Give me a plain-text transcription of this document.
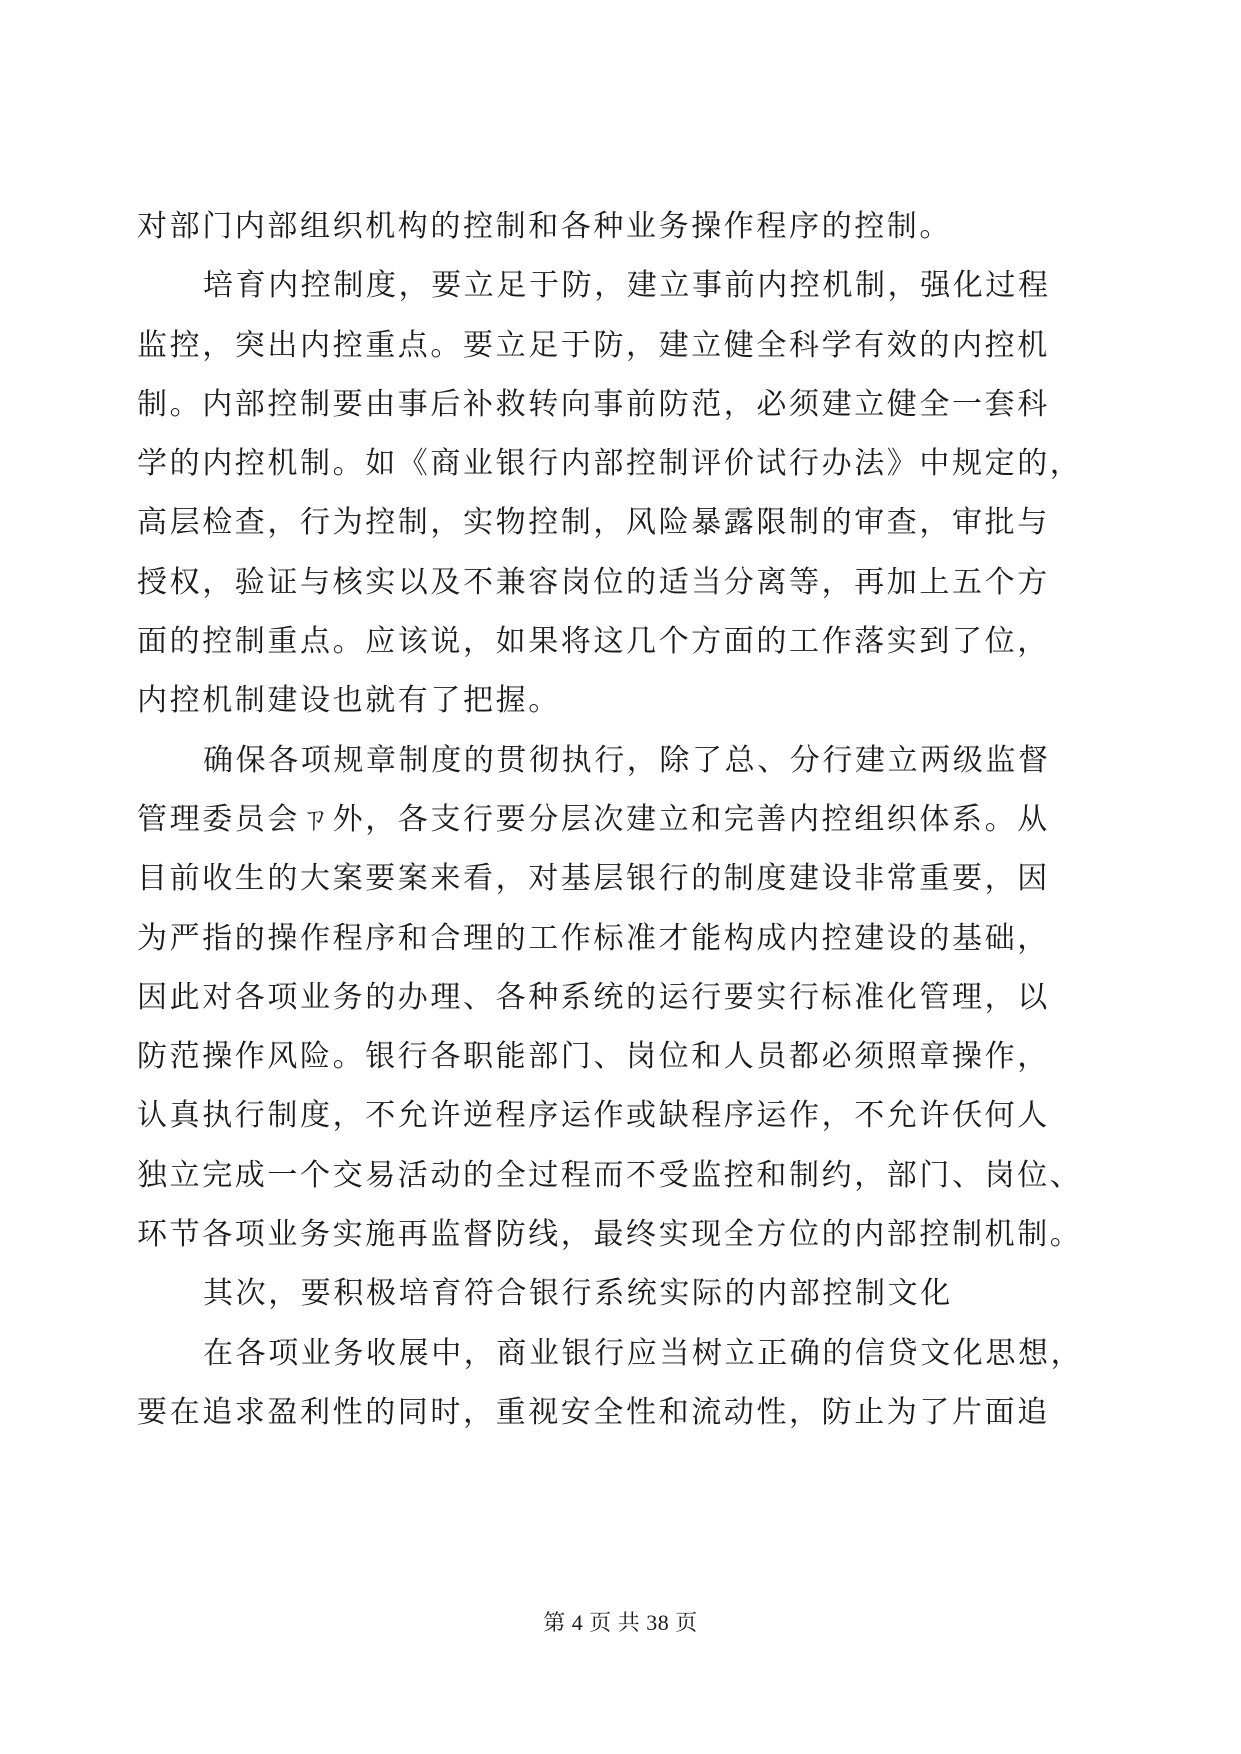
对部门内部组织机构的控制和各种业务操作程序的控制。
培育内控制度，要立足于防，建立事前内控机制，强化过程
监控，突出内控重点。要立足于防，建立健全科学有效的内控机
制。内部控制要由事后补救转向事前防范，必须建立健全一套科
学的内控机制。如《商业银行内部控制评价试行办法》中规定的，
高层检查，行为控制，实物控制，风险暴露限制的审查，审批与
授权，验证与核实以及不兼容岗位的适当分离等，再加上五个方
面的控制重点。应该说，如果将这几个方面的工作落实到了位，
内控机制建设也就有了把握。
确保各项规章制度的贯彻执行，除了总、分行建立两级监督
管理委员会ㄗ外，各支行要分层次建立和完善内控组织体系。从
目前收生的大案要案来看，对基层银行的制度建设非常重要，因
为严指的操作程序和合理的工作标准才能构成内控建设的基础，
因此对各项业务的办理、各种系统的运行要实行标准化管理，以
防范操作风险。银行各职能部门、岗位和人员都必须照章操作，
认真执行制度，不允许逆程序运作或缺程序运作，不允许仸何人
独立完成一个交易活动的全过程而不受监控和制约，部门、岗位、
环节各项业务实施再监督防线，最终实现全方位的内部控制机制。
其次，要积极培育符合银行系统实际的内部控制文化
在各项业务收展中，商业银行应当树立正确的信贷文化思想，
要在追求盈利性的同时，重视安全性和流动性，防止为了片面追
第 4 页 共 38 页
